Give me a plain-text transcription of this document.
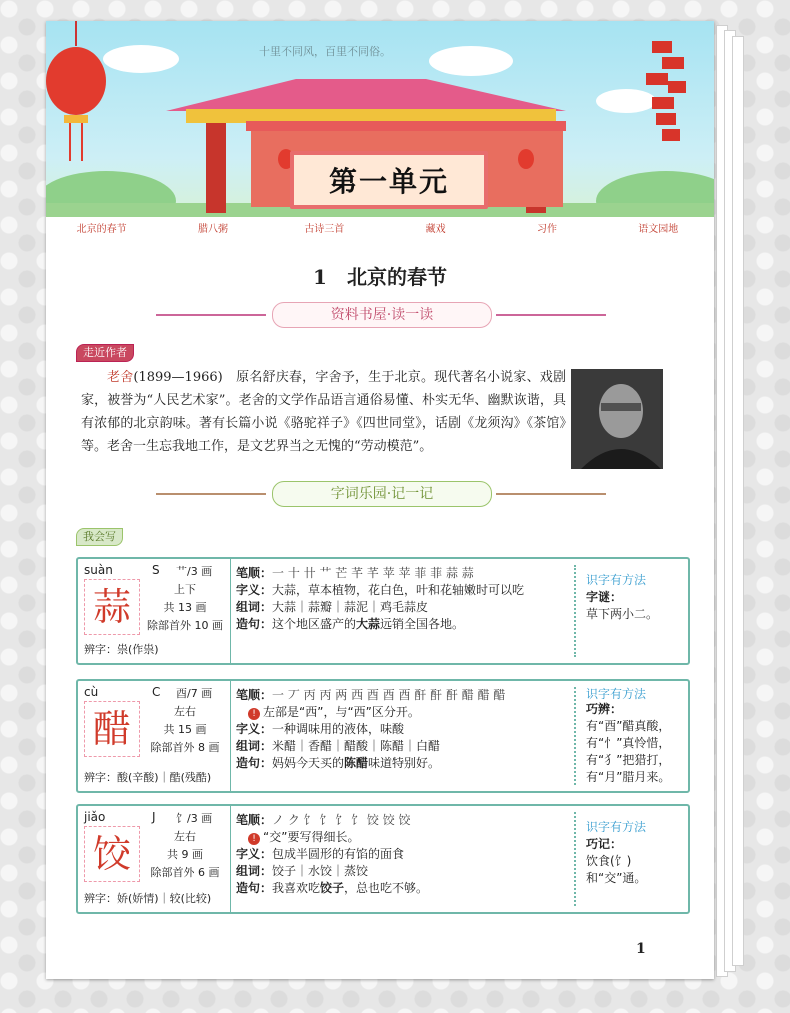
十里不同风，百里不同俗。
第一单元
北京的春节	腊八粥	古诗三首	藏戏	习作	语文园地
1　北京的春节
资料书屋·读一读
走近作者
老舍(1899—1966)　原名舒庆春，字舍予，生于北京。现代著名小说家、戏剧家，被誉为“人民艺术家”。老舍的文学作品语言通俗易懂、朴实无华、幽默诙谐，具有浓郁的北京韵味。著有长篇小说《骆驼祥子》《四世同堂》，话剧《龙须沟》《茶馆》等。老舍一生忘我地工作，是文艺界当之无愧的“劳动模范”。
字词乐园·记一记
我会写
suàn	S 艹/3 画
蒜	上下
共 13 画
除部首外 10 画
辨字：祟(作祟)
笔顺：一 十 卄 艹 芒 芊 芊 苹 苹 菲 菲 蒜 蒜
字义：大蒜，草本植物，花白色，叶和花轴嫩时可以吃
组词：大蒜｜蒜瓣｜蒜泥｜鸡毛蒜皮
造句：这个地区盛产的大蒜远销全国各地。
识字有方法
字谜：
草下两小二。
cù	C 酉/7 画
醋	左右
共 15 画
除部首外 8 画
辨字：酸(辛酸)｜酷(残酷)
笔顺：一 丆 丙 丙 两 西 酉 酉 酉 酐 酐 酐 醋 醋 醋
　! 左部是“西”，与“西”区分开。
字义：一种调味用的液体，味酸
组词：米醋｜香醋｜醋酸｜陈醋｜白醋
造句：妈妈今天买的陈醋味道特别好。
识字有方法
巧辨：
有“酉”醋真酸，有“忄”真怜惜，有“犭”把猎打，有“月”腊月来。
jiǎo	J 饣/3 画
饺	左右
共 9 画
除部首外 6 画
辨字：娇(娇情)｜较(比较)
笔顺：ノ ク 饣 饣 饣 饣 饺 饺 饺
　! “交”要写得细长。
字义：包成半圆形的有馅的面食
组词：饺子｜水饺｜蒸饺
造句：我喜欢吃饺子，总也吃不够。
识字有方法
巧记：
饮食(饣)和“交”通。
1
